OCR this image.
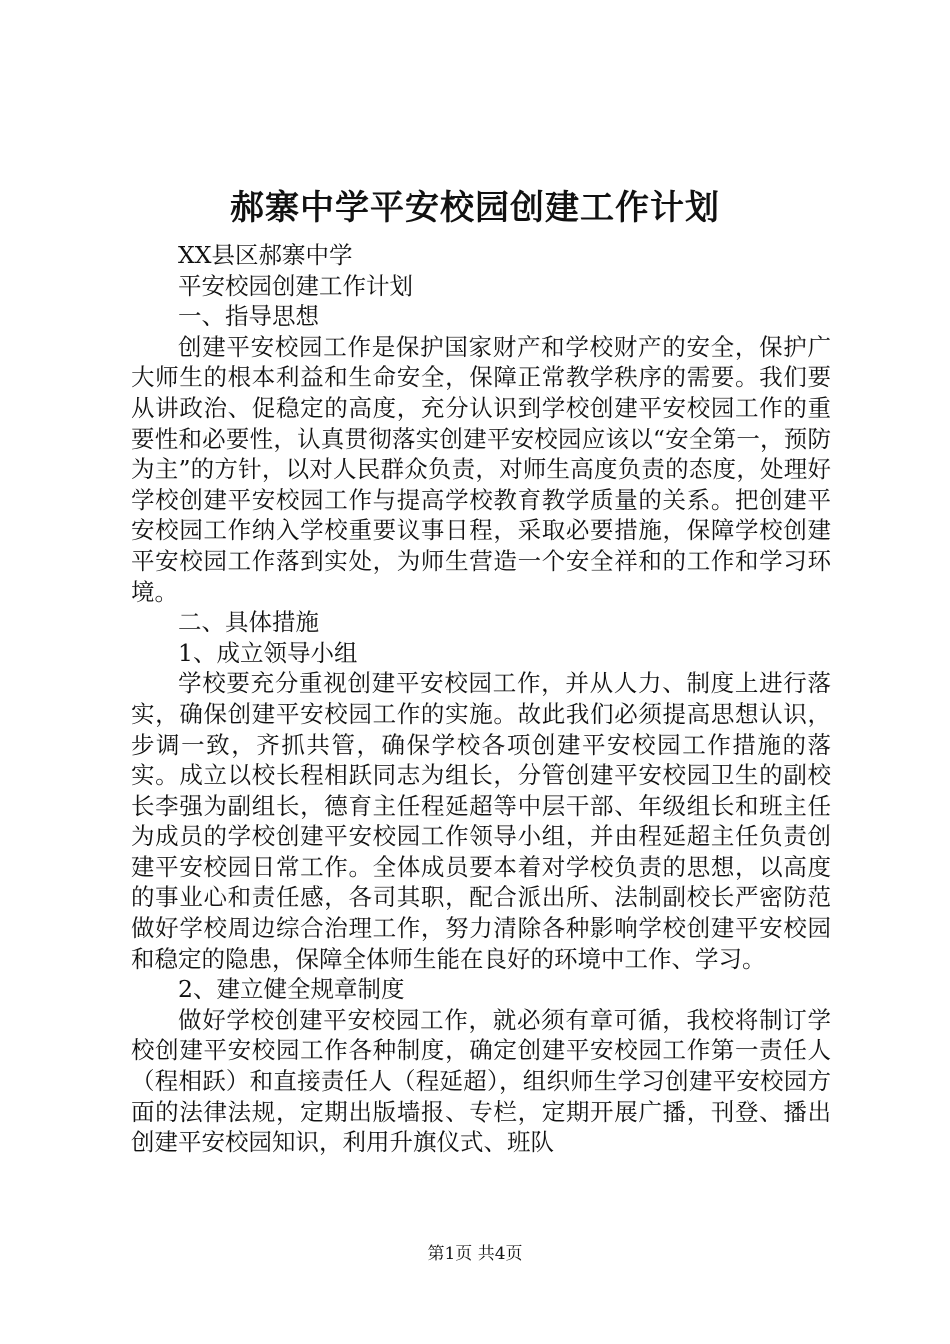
郝寨中学平安校园创建工作计划

XX县区郝寨中学

平安校园创建工作计划

一、指导思想

创建平安校园工作是保护国家财产和学校财产的安全，保护广大师生的根本利益和生命安全，保障正常教学秩序的需要。我们要从讲政治、促稳定的高度，充分认识到学校创建平安校园工作的重要性和必要性，认真贯彻落实创建平安校园应该以“安全第一，预防为主”的方针，以对人民群众负责，对师生高度负责的态度，处理好学校创建平安校园工作与提高学校教育教学质量的关系。把创建平安校园工作纳入学校重要议事日程，采取必要措施，保障学校创建平安校园工作落到实处，为师生营造一个安全祥和的工作和学习环境。

二、具体措施

1、成立领导小组

学校要充分重视创建平安校园工作，并从人力、制度上进行落实，确保创建平安校园工作的实施。故此我们必须提高思想认识，步调一致，齐抓共管，确保学校各项创建平安校园工作措施的落实。成立以校长程相跃同志为组长，分管创建平安校园卫生的副校长李强为副组长，德育主任程延超等中层干部、年级组长和班主任为成员的学校创建平安校园工作领导小组，并由程延超主任负责创建平安校园日常工作。全体成员要本着对学校负责的思想，以高度的事业心和责任感，各司其职，配合派出所、法制副校长严密防范做好学校周边综合治理工作，努力清除各种影响学校创建平安校园和稳定的隐患，保障全体师生能在良好的环境中工作、学习。

2、建立健全规章制度

做好学校创建平安校园工作，就必须有章可循，我校将制订学校创建平安校园工作各种制度，确定创建平安校园工作第一责任人（程相跃）和直接责任人（程延超），组织师生学习创建平安校园方面的法律法规，定期出版墙报、专栏，定期开展广播，刊登、播出创建平安校园知识，利用升旗仪式、班队

第1页 共4页
